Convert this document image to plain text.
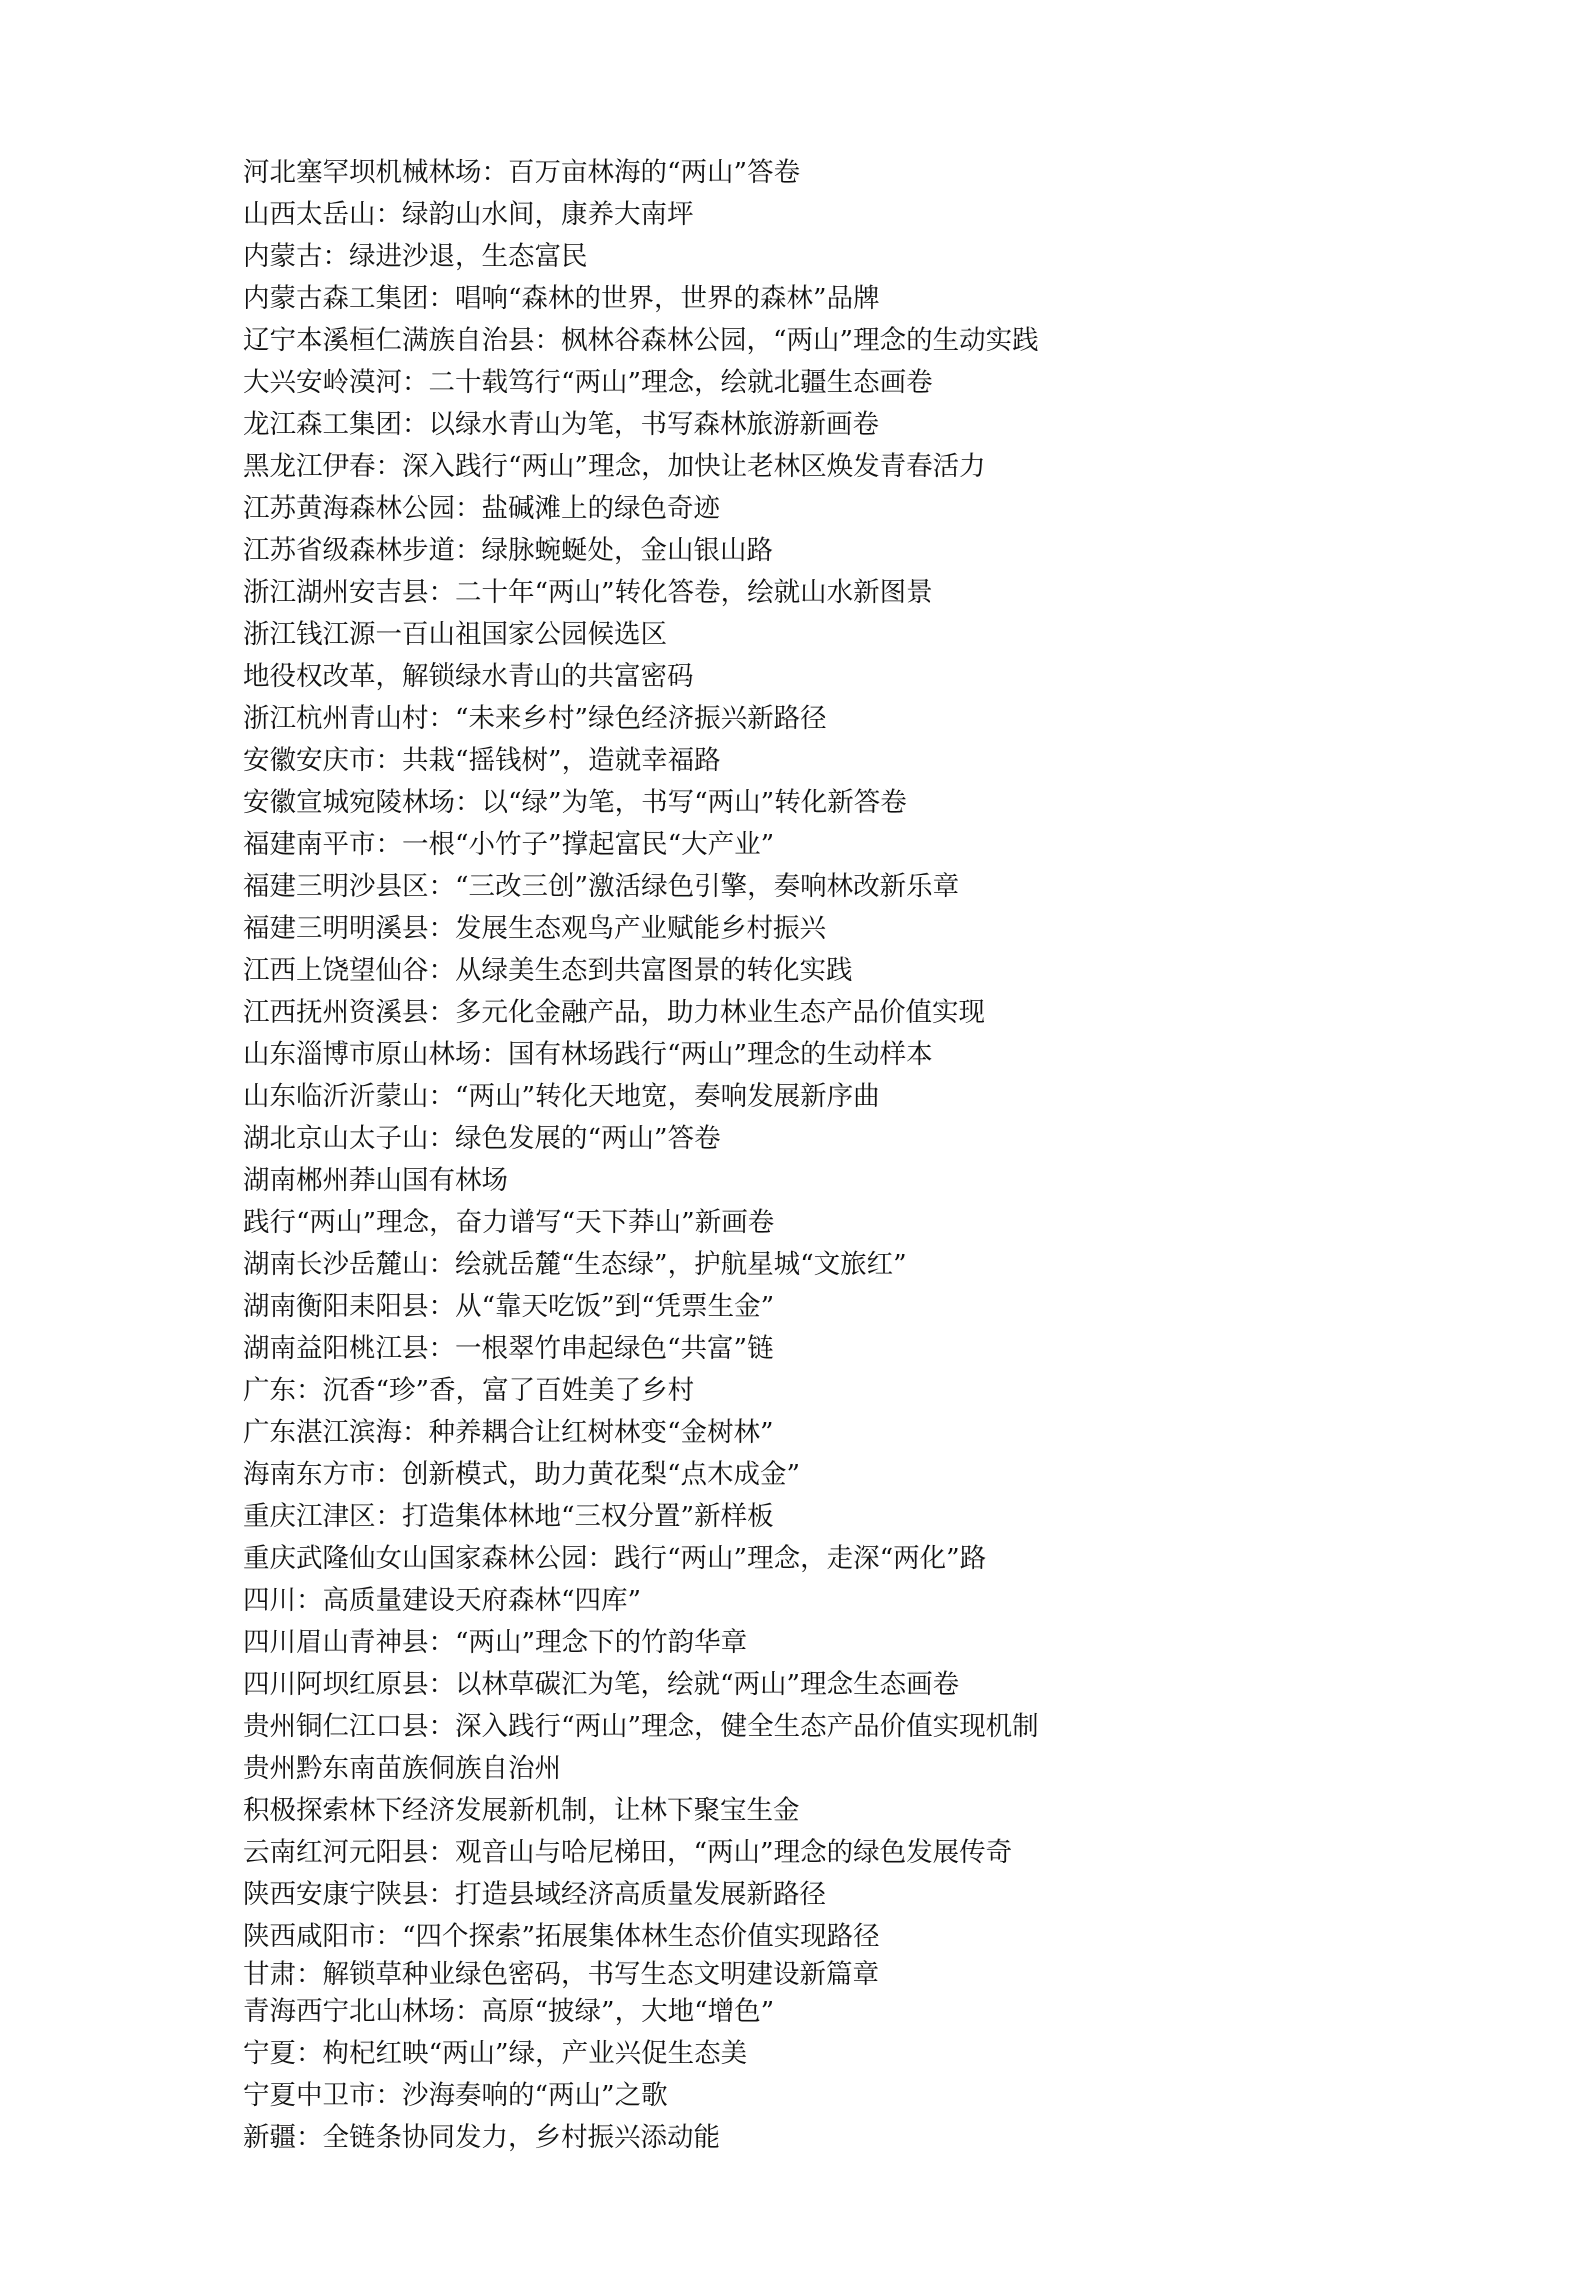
河北塞罕坝机械林场：百万亩林海的“两山”答卷
山西太岳山：绿韵山水间，康养大南坪
内蒙古：绿进沙退，生态富民
内蒙古森工集团：唱响“森林的世界，世界的森林”品牌
辽宁本溪桓仁满族自治县：枫林谷森林公园，“两山”理念的生动实践
大兴安岭漠河：二十载笃行“两山”理念，绘就北疆生态画卷
龙江森工集团：以绿水青山为笔，书写森林旅游新画卷
黑龙江伊春：深入践行“两山”理念，加快让老林区焕发青春活力
江苏黄海森林公园：盐碱滩上的绿色奇迹
江苏省级森林步道：绿脉蜿蜒处，金山银山路
浙江湖州安吉县：二十年“两山”转化答卷，绘就山水新图景
浙江钱江源一百山祖国家公园候选区
地役权改革，解锁绿水青山的共富密码
浙江杭州青山村：“未来乡村”绿色经济振兴新路径
安徽安庆市：共栽“摇钱树”，造就幸福路
安徽宣城宛陵林场：以“绿”为笔，书写“两山”转化新答卷
福建南平市：一根“小竹子”撑起富民“大产业”
福建三明沙县区：“三改三创”激活绿色引擎，奏响林改新乐章
福建三明明溪县：发展生态观鸟产业赋能乡村振兴
江西上饶望仙谷：从绿美生态到共富图景的转化实践
江西抚州资溪县：多元化金融产品，助力林业生态产品价值实现
山东淄博市原山林场：国有林场践行“两山”理念的生动样本
山东临沂沂蒙山：“两山”转化天地宽，奏响发展新序曲
湖北京山太子山：绿色发展的“两山”答卷
湖南郴州莽山国有林场
践行“两山”理念，奋力谱写“天下莽山”新画卷
湖南长沙岳麓山：绘就岳麓“生态绿”，护航星城“文旅红”
湖南衡阳耒阳县：从“靠天吃饭”到“凭票生金”
湖南益阳桃江县：一根翠竹串起绿色“共富”链
广东：沉香“珍”香，富了百姓美了乡村
广东湛江滨海：种养耦合让红树林变“金树林”
海南东方市：创新模式，助力黄花梨“点木成金”
重庆江津区：打造集体林地“三权分置”新样板
重庆武隆仙女山国家森林公园：践行“两山”理念，走深“两化”路
四川：高质量建设天府森林“四库”
四川眉山青神县：“两山”理念下的竹韵华章
四川阿坝红原县：以林草碳汇为笔，绘就“两山”理念生态画卷
贵州铜仁江口县：深入践行“两山”理念，健全生态产品价值实现机制
贵州黔东南苗族侗族自治州
积极探索林下经济发展新机制，让林下聚宝生金
云南红河元阳县：观音山与哈尼梯田，“两山”理念的绿色发展传奇
陕西安康宁陕县：打造县域经济高质量发展新路径
陕西咸阳市：“四个探索”拓展集体林生态价值实现路径
甘肃：解锁草种业绿色密码，书写生态文明建设新篇章
青海西宁北山林场：高原“披绿”，大地“增色”
宁夏：枸杞红映“两山”绿，产业兴促生态美
宁夏中卫市：沙海奏响的“两山”之歌
新疆：全链条协同发力，乡村振兴添动能
